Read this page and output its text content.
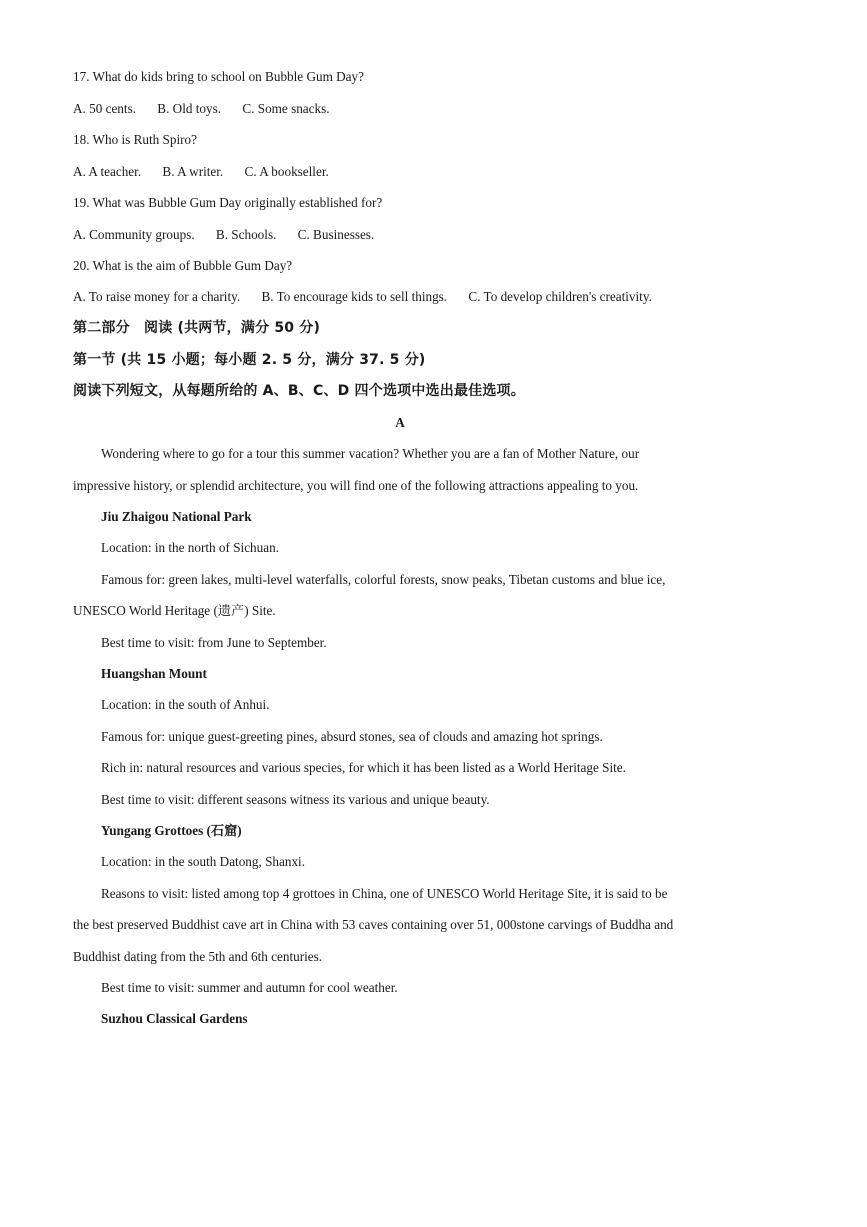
17. What do kids bring to school on Bubble Gum Day?
A. 50 cents. B. Old toys. C. Some snacks.
18. Who is Ruth Spiro?
A. A teacher. B. A writer. C. A bookseller.
19. What was Bubble Gum Day originally established for?
A. Community groups. B. Schools. C. Businesses.
20. What is the aim of Bubble Gum Day?
A. To raise money for a charity. B. To encourage kids to sell things. C. To develop children's creativity.
第二部分　阅读 (共两节，满分 50 分)
第一节 (共 15 小题；每小题 2. 5 分，满分 37. 5 分)
阅读下列短文，从每题所给的 A、B、C、D 四个选项中选出最佳选项。
A
Wondering where to go for a tour this summer vacation? Whether you are a fan of Mother Nature, our
impressive history, or splendid architecture, you will find one of the following attractions appealing to you.
Jiu Zhaigou National Park
Location: in the north of Sichuan.
Famous for: green lakes, multi-level waterfalls, colorful forests, snow peaks, Tibetan customs and blue ice,
UNESCO World Heritage (遗产) Site.
Best time to visit: from June to September.
Huangshan Mount
Location: in the south of Anhui.
Famous for: unique guest-greeting pines, absurd stones, sea of clouds and amazing hot springs.
Rich in: natural resources and various species, for which it has been listed as a World Heritage Site.
Best time to visit: different seasons witness its various and unique beauty.
Yungang Grottoes (石窟)
Location: in the south Datong, Shanxi.
Reasons to visit: listed among top 4 grottoes in China, one of UNESCO World Heritage Site, it is said to be
the best preserved Buddhist cave art in China with 53 caves containing over 51, 000stone carvings of Buddha and
Buddhist dating from the 5th and 6th centuries.
Best time to visit: summer and autumn for cool weather.
Suzhou Classical Gardens
